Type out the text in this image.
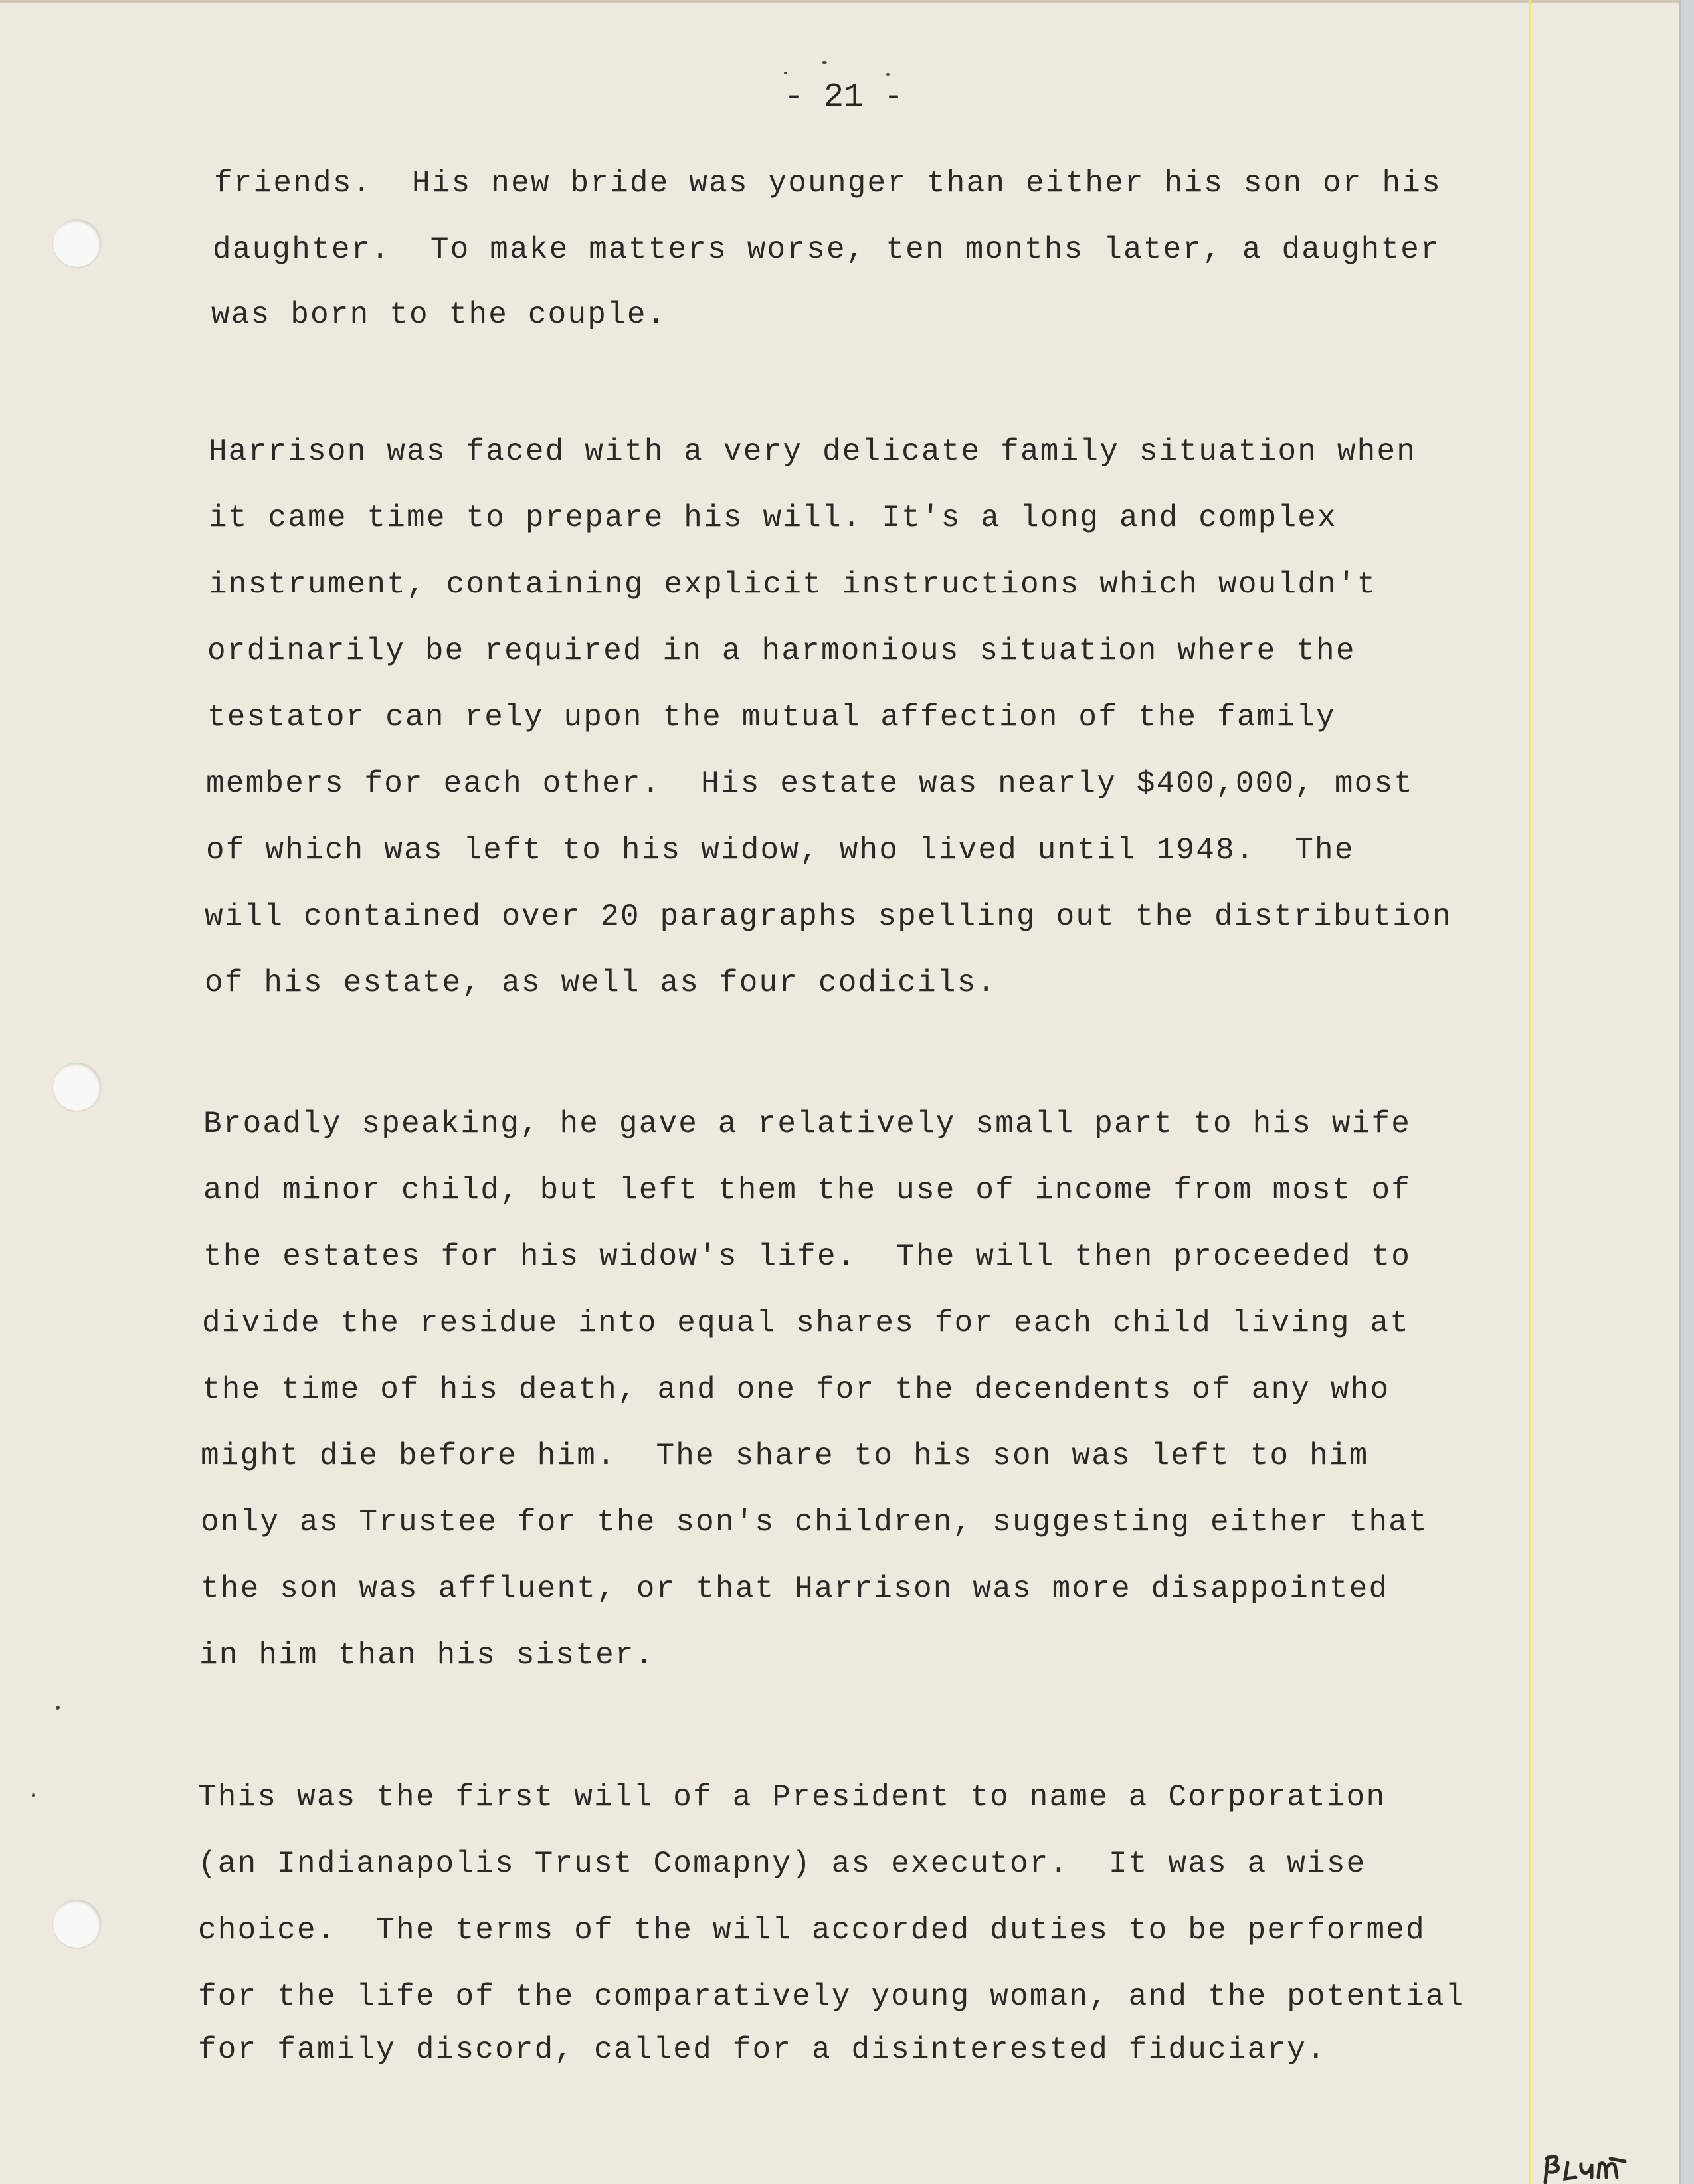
- 21 -
friends.  His new bride was younger than either his son or his
daughter.  To make matters worse, ten months later, a daughter
was born to the couple.
Harrison was faced with a very delicate family situation when
it came time to prepare his will. It's a long and complex
instrument, containing explicit instructions which wouldn't
ordinarily be required in a harmonious situation where the
testator can rely upon the mutual affection of the family
members for each other.  His estate was nearly $400,000, most
of which was left to his widow, who lived until 1948.  The
will contained over 20 paragraphs spelling out the distribution
of his estate, as well as four codicils.
Broadly speaking, he gave a relatively small part to his wife
and minor child, but left them the use of income from most of
the estates for his widow's life.  The will then proceeded to
divide the residue into equal shares for each child living at
the time of his death, and one for the decendents of any who
might die before him.  The share to his son was left to him
only as Trustee for the son's children, suggesting either that
the son was affluent, or that Harrison was more disappointed
in him than his sister.
This was the first will of a President to name a Corporation
(an Indianapolis Trust Comapny) as executor.  It was a wise
choice.  The terms of the will accorded duties to be performed
for the life of the comparatively young woman, and the potential
for family discord, called for a disinterested fiduciary.
